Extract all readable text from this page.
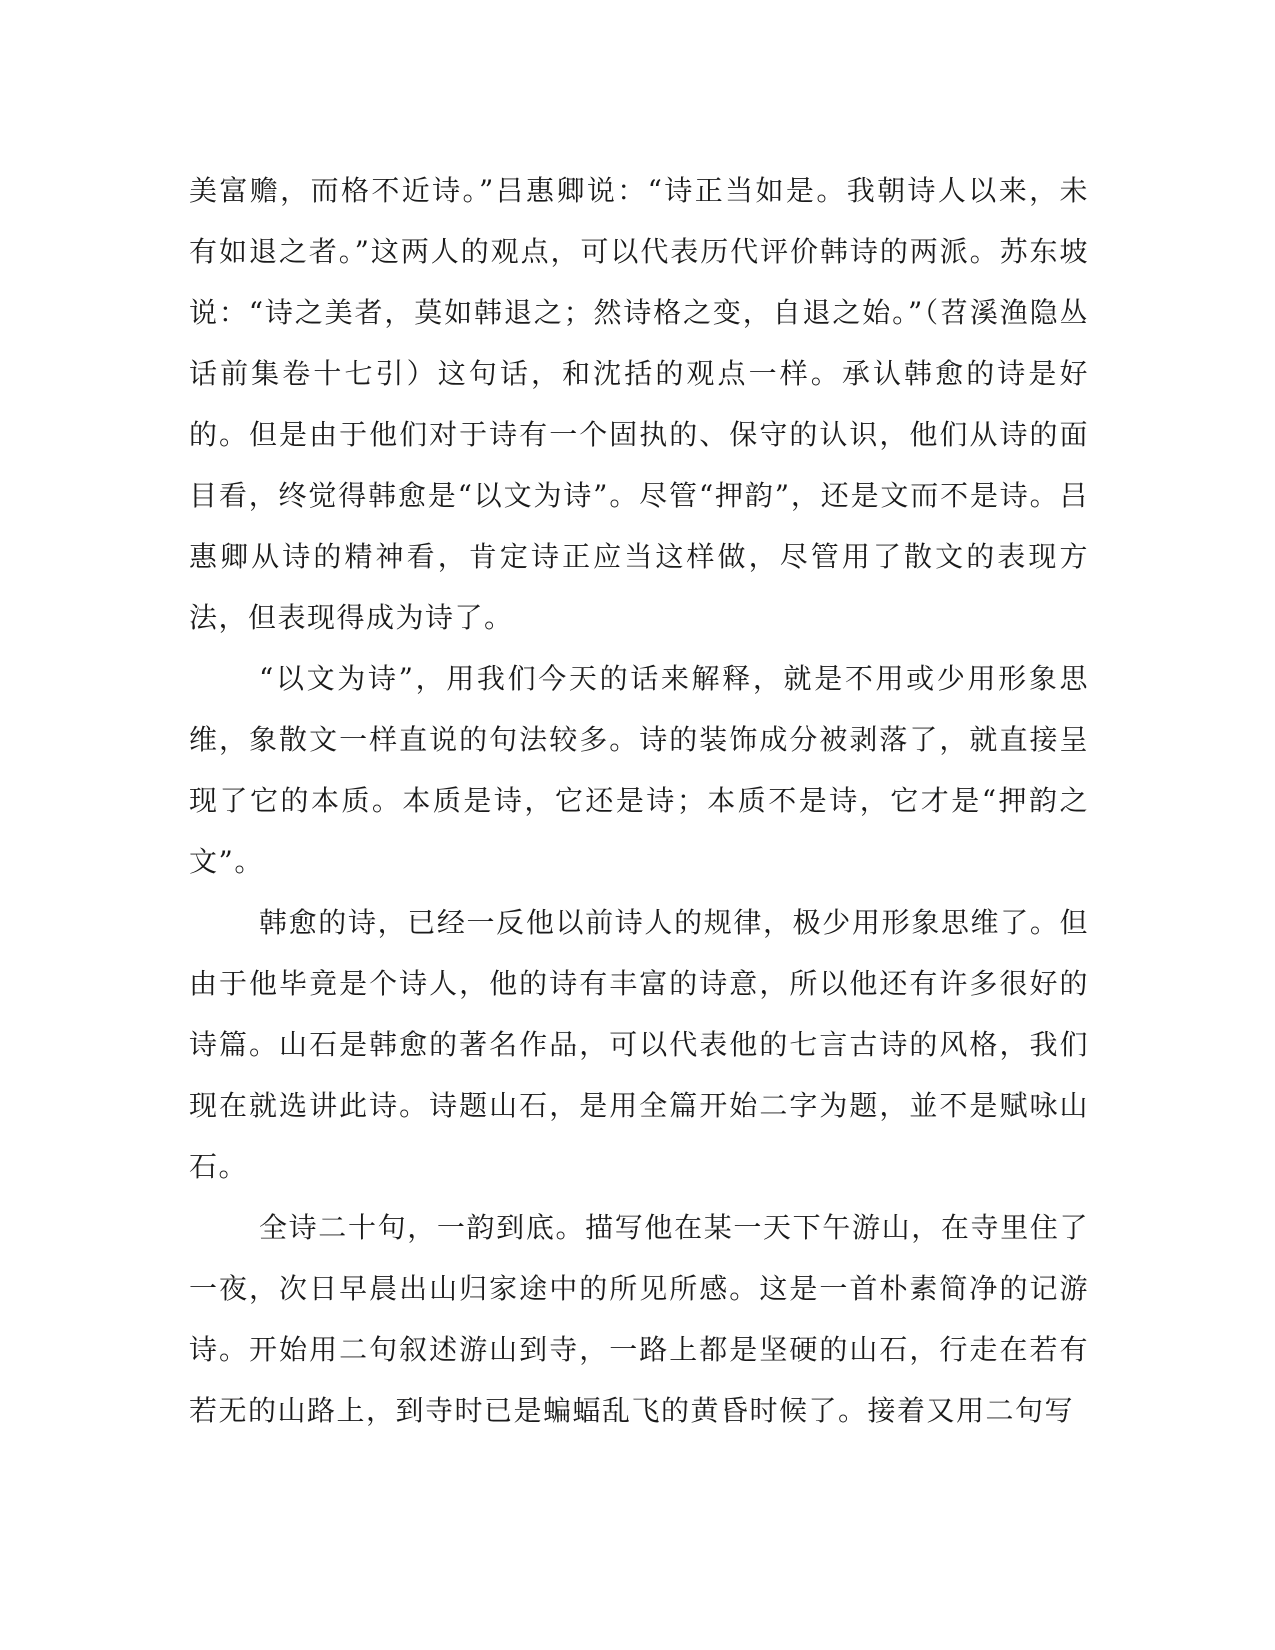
美富赡，而格不近诗。”吕惠卿说：“诗正当如是。我朝诗人以来，未有如退之者。”这两人的观点，可以代表历代评价韩诗的两派。苏东坡说：“诗之美者，莫如韩退之；然诗格之变，自退之始。”（苕溪渔隐丛话前集卷十七引）这句话，和沈括的观点一样。承认韩愈的诗是好的。但是由于他们对于诗有一个固执的、保守的认识，他们从诗的面目看，终觉得韩愈是“以文为诗”。尽管“押韵”，还是文而不是诗。吕惠卿从诗的精神看，肯定诗正应当这样做，尽管用了散文的表现方法，但表现得成为诗了。

“以文为诗”，用我们今天的话来解释，就是不用或少用形象思维，象散文一样直说的句法较多。诗的装饰成分被剥落了，就直接呈现了它的本质。本质是诗，它还是诗；本质不是诗，它才是“押韵之文”。

韩愈的诗，已经一反他以前诗人的规律，极少用形象思维了。但由于他毕竟是个诗人，他的诗有丰富的诗意，所以他还有许多很好的诗篇。山石是韩愈的著名作品，可以代表他的七言古诗的风格，我们现在就选讲此诗。诗题山石，是用全篇开始二字为题，並不是赋咏山石。

全诗二十句，一韵到底。描写他在某一天下午游山，在寺里住了一夜，次日早晨出山归家途中的所见所感。这是一首朴素简净的记游诗。开始用二句叙述游山到寺，一路上都是坚硬的山石，行走在若有若无的山路上，到寺时已是蝙蝠乱飞的黄昏时候了。接着又用二句写
